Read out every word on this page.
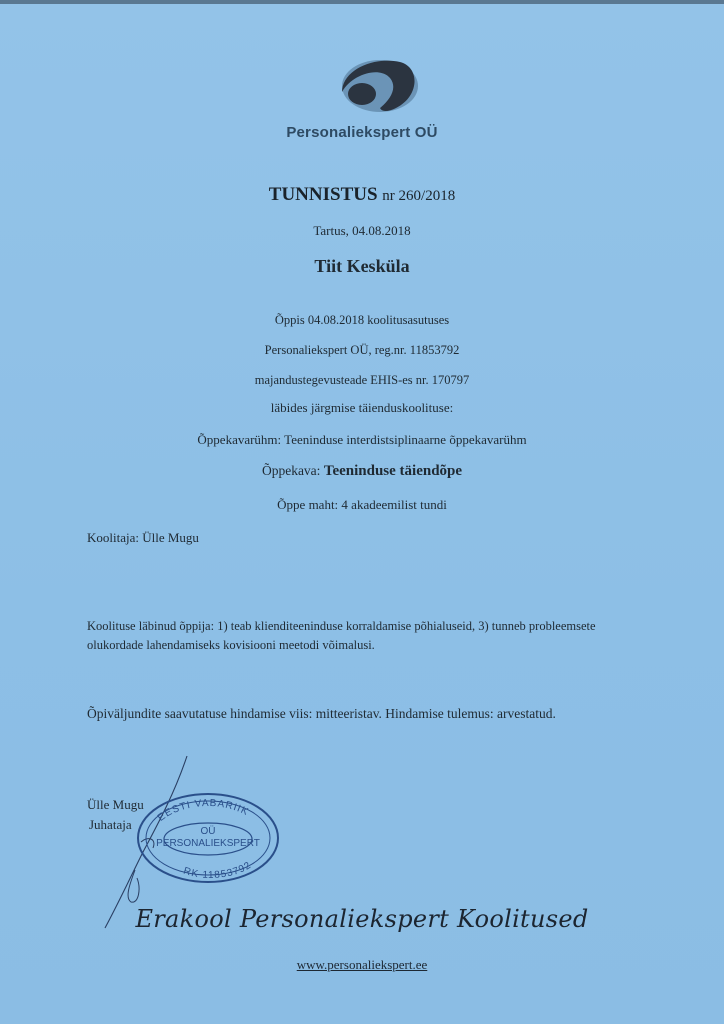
Personaliekspert OÜ
TUNNISTUS nr 260/2018
Tartus, 04.08.2018
Tiit Kesküla
Õppis 04.08.2018 koolitusasutuses
Personaliekspert OÜ, reg.nr. 11853792
majandustegevusteade EHIS-es nr. 170797
läbides järgmise täienduskoolituse:
Õppekavarühm: Teeninduse interdistsiplinaarne õppekavarühm
Õppekava: Teeninduse täiendõpe
Õppe maht: 4 akadeemilist tundi
Koolitaja: Ülle Mugu
Koolituse läbinud õppija: 1) teab klienditeeninduse korraldamise põhialuseid, 3) tunneb probleemsete olukordade lahendamiseks kovisiooni meetodi võimalusi.
Õpiväljundite saavutatuse hindamise viis: mitteeristav. Hindamise tulemus: arvestatud.
Ülle Mugu
Juhataja EESTI VABARIIK
OÜ
PERSONALIEKSPERT
RK 11853792
Erakool Personaliekspert Koolitused
www.personaliekspert.ee
